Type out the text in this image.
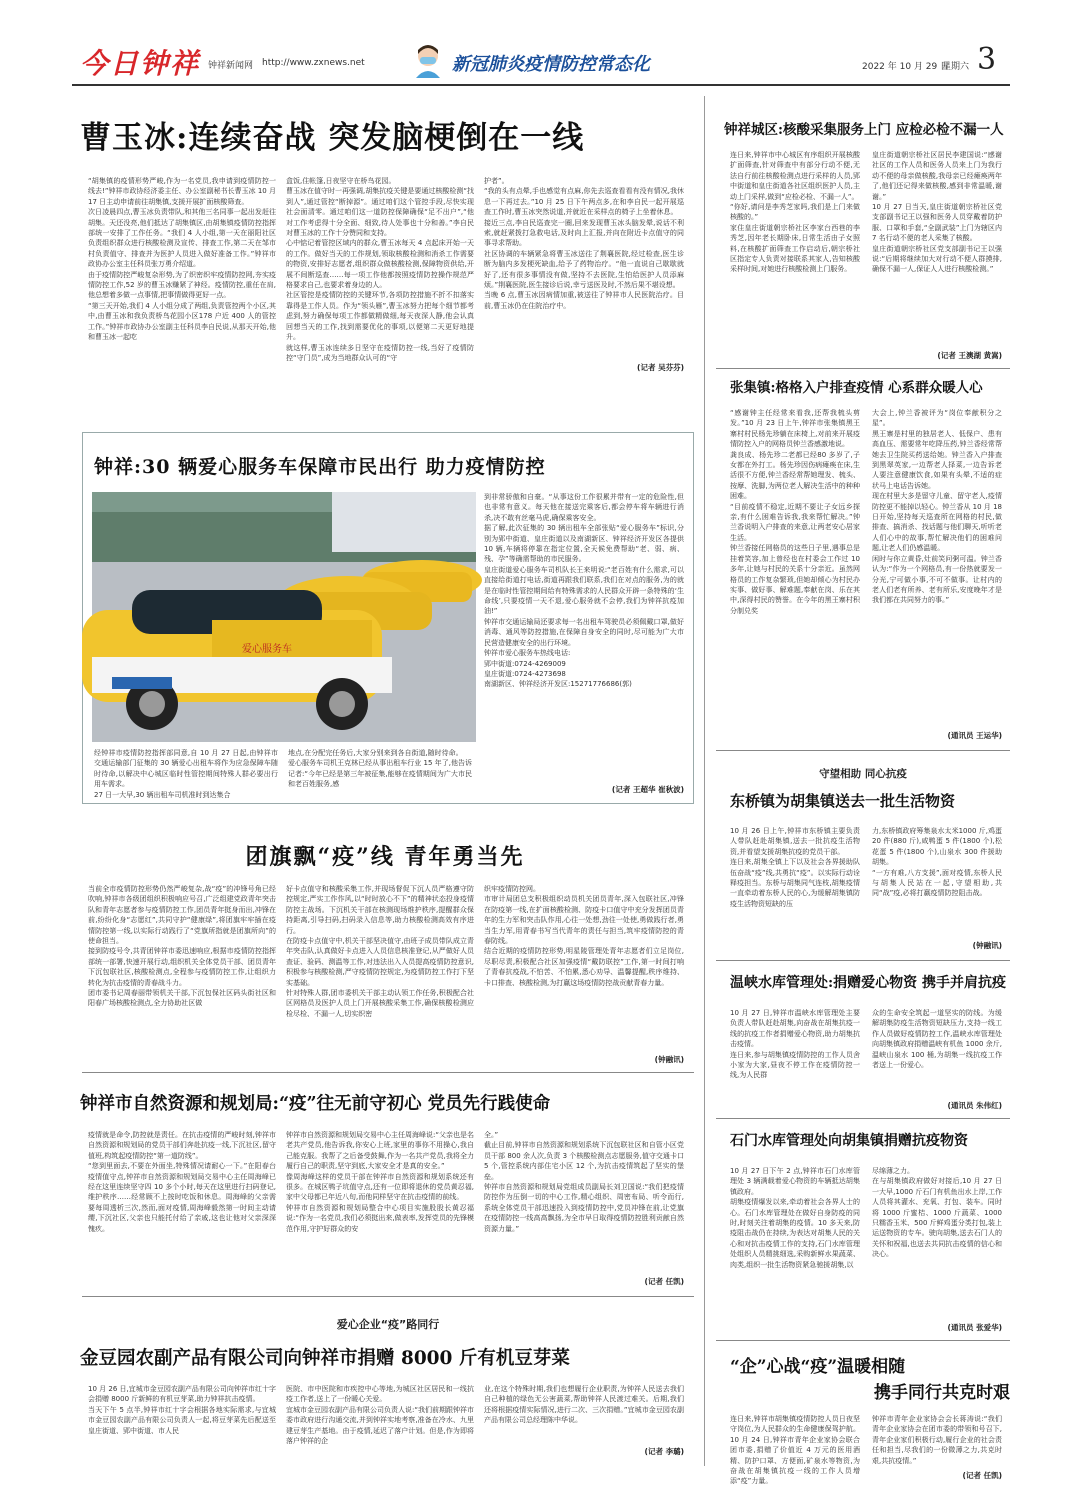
今日钟祥 钟祥新闻网 http://www.zxnews.net	新冠肺炎疫情防控常态化	2022 年 10 月 29 日
星期六 3
曹玉冰:连续奋战 突发脑梗倒在一线
“胡集镇的疫情形势严峻,作为一名党员,我申请到疫情防控一线去!”钟祥市政协经济委主任、办公室副秘书长曹玉冰 10 月 17 日主动申请前往胡集镇,支援开展扩面核酸筛查。
次日凌晨四点,曹玉冰负责带队,和其他三名同事一起出发赶往胡集。天还没亮,他们抵达了胡集镇区,由胡集镇疫情防控指挥部统一安排了工作任务。“我们 4 人小组,第一天在丽阳社区负责组织群众进行核酸检测及宣传、排查工作,第二天在邹市村负责值守、排查并为医护人员进入做好准备工作。”钟祥市政协办公室主任科员张万勇介绍道。
由于疫情防控严峻复杂形势,为了织密织牢疫情防控网,夯实疫情防控工作,52 岁的曹玉冰赚紧了神经。疫情防控,重任在肩,他总想着多做一点事情,把事情做得更好一点。
“第三天开始,我们 4 人小组分成了两组,负责管控两个小区,其中,由曹玉冰和我负责桥鸟花园小区178 户近 400 人的管控工作。”钟祥市政协办公室副主任科员李自民说,从那天开始,他和曹玉冰一起吃
盒饭,住帐篷,日夜坚守在桥鸟花园。
曹玉冰在值守时一再强调,胡集抗疫关键是要通过核酸检测“找到人”,通过管控“断掉源”。通过咱们这个管控手段,尽快实现社会面清零。通过咱们这一道防控保障确保“足不出户”,“他对工作考虑得十分全面、细致,待人处事也十分和善。”李自民对曹玉冰的工作十分赞同和支持。
心中惦记着管控区域内的群众,曹玉冰每天 4 点起床开始一天的工作。做好当天的工作规划,领取核酸检测和消杀工作需要的物资,安排好志愿者,组织群众做核酸检测,保障物资供给,开展不间断巡查……每一项工作他都按照疫情防控操作规范严格要求自己,也要求着身边的人。
社区管控是疫情防控的关键环节,各项防控措施不折不扣落实靠得是工作人员。作为“领头雁”,曹玉冰努力把每个细节都考虑到,努力确保每项工作都做精做细,每天夜深人静,他会认真回想当天的工作,找到需要优化的事项,以便第二天更好地提升。
就这样,曹玉冰连续多日坚守在疫情防控一线,当好了疫情防控“守门员”,成为当地群众认可的“守
护者”。
“我的头有点晕,手也感觉有点麻,你先去巡查看看有没有情况,我休息一下再过去。”10 月 25 日下午两点多,在和李自民一起开展巡查工作时,曹玉冰突然说道,并就近在采样点的椅子上坐着休息。
接近三点,李自民巡查完一圈,回来发现曹玉冰头脑发晕,说话不利索,就赶紧拨打急救电话,及时向上汇报,并向在附近卡点值守的同事寻求帮助。
社区协调的车辆紧急将曹玉冰送往了荆襄医院,经过检查,医生诊断为脑内多发梗死缺血,给予了药物治疗。“他一直说自己歇歇就好了,还有很多事情没有做,坚持不去医院,生怕给医护人员添麻烦。”荆襄医院,医生接诊后说,幸亏送医及时,不然后果不堪设想。
当晚 6 点,曹玉冰因病情加重,被送往了钟祥市人民医院治疗。目前,曹玉冰仍在住院治疗中。
(记者 吴芬芬)
钟祥:30 辆爱心服务车保障市民出行 助力疫情防控
爱心服务车
经钟祥市疫情防控指挥部同意,自 10 月 27 日起,由钟祥市交通运输部门征集的 30 辆爱心出租车将作为应急保障车随时待命,以解决中心城区临时性管控期间特殊人群必要出行用车需求。
27 日一大早,30 辆出租车司机准时到达集合
地点,在分配完任务后,大家分别来到各自街道,随时待命。
爱心服务车司机王克林已经从事出租车行业 15 年了,他告诉记者:“今年已经是第三年被征集,能够在疫情期间为广大市民和老百姓服务,感
到非常骄傲和自豪。“从事这份工作很累并带有一定的危险性,但也非常有意义。每天他在接送完乘客后,都会停车将车辆进行消杀,决不敢有丝毫马虎,确保乘客安全。
据了解,此次征集的 30 辆出租车全部张贴“爱心服务车”标识,分别为郢中街道、皇庄街道以及南湖新区、钟祥经济开发区各提供 10 辆,车辆将停靠在指定位置,全天候免费帮助“老、弱、病、残、孕”等确需帮助的市民服务。
皇庄街道爱心服务车司机队长王来明说:“老百姓有什么需求,可以直接给街道打电话,街道再跟我们联系,我们在对点的服务,为的就是在临时性管控期间给有特殊需求的人民群众开辟一条特殊的‘生命线’,只要疫情一天不退,爱心服务就不会停,我们为钟祥抗疫加油!”
钟祥市交通运输局还要求每一名出租车驾驶员必须佩戴口罩,做好消毒、通风等防控措施,在保障自身安全的同时,尽可能为广大市民营造健康安全的出行环境。
钟祥市爱心服务车热线电话:
郢中街道:0724-4269009
皇庄街道:0724-4273698
南湖新区、钟祥经济开发区:15271776686(郭)
(记者 王超华 崔秋波)
团旗飘“疫”线 青年勇当先
当前全市疫情防控形势仍然严峻复杂,战“疫”的冲锋号角已经吹响,钟祥市各级团组织积极响应号召,广泛组建党政青年突击队和青年志愿者参与疫情防控工作,团员青年挺身而出,冲锋在前,纷纷化身“志愿红”,共同守护“健康绿”,将团旗牢牢插在疫情防控第一线,以实际行动践行了“党旗所指就是团旗所向”的使命担当。
接到防疫号令,共青团钟祥市委迅速响应,根据市疫情防控指挥部统一部署,快速开展行动,组织机关全体党员干部、团员青年下沉包联社区,核酸检测点,全程参与疫情防控工作,让组织力转化为抗击疫情的青春战斗力。
团市委书记周春丽带领机关干部,下沉包保社区码头街社区和阳春广场核酸检测点,全力协助社区做
好卡点值守和核酸采集工作,并现场督促下沉人员严格遵守防控规定,严实工作作风,以“时时放心不下”的精神状态投身疫情防控主战场。下沉机关干部在核测现场维护秩序,提醒群众保持距离,引导扫码,扫码录入信息等,助力核酸检测高效有序进行。
在防疫卡点值守中,机关干部坚决值守,由班子成员带队成立青年突击队,认真做好卡点进入人员信息核准登记,从严做好人员查证、验码、测温等工作,对违法出入人员提高疫情防控意识,积极参与核酸检测,严守疫情防控规定,为疫情防控工作打下坚实基础。
针对特殊人群,团市委机关干部主动认领工作任务,积极配合社区网格员及医护人员上门开展核酸采集工作,确保核酸检测应检尽检、不漏一人,切实织密
织牢疫情防控网。
市审计局团总支积极组织动员机关团员青年,深入包联社区,冲锋在防疫第一线,在扩面核酸检测、防疫卡口值守中充分发挥团员青年的生力军和突击队作用,心往一处想,劲往一处使,勇做践行者,勇当生力军,用青春书写当代青年的责任与担当,筑牢疫情防控的青春防线。
结合近期的疫情防控形势,明星陵管理处青年志愿者们立足岗位,尽职尽责,积极配合社区加强疫情“戴防联控”工作,第一时间打响了青春抗疫战,不怕苦、不怕累,悉心劝导、温馨提醒,秩序维持、卡口排查、核酸检测,为打赢这场疫情防控战贡献青春力量。
(钟融讯)
钟祥市自然资源和规划局:“疫”往无前守初心 党员先行践使命
疫情就是命令,防控就是责任。在抗击疫情的严峻时刻,钟祥市自然资源和规划局的党员干部们奔赴抗疫一线,下沉社区,留守值班,构筑起疫情防控“第一道防线”。
“您到里面去,不要在外面坐,特殊情况请耐心一下。”在阳春台疫情值守点,钟祥市自然资源和规划局交易中心主任周海峰已经在这里连续坚守四 10 多个小时,每天在这里进行扫码登记,维护秩序……经常顾不上按时吃饭和休息。周海峰的父亲需要每周透析三次,然而,面对疫情,周海峰毅然第一时间主动请缨,下沉社区,父亲也只能托付给了亲戚,这也让他对父亲深深愧疚。
钟祥市自然资源和规划局交易中心主任周海峰说:“父亲也是名老共产党员,他告诉我,你安心上班,家里的事你不用操心,我自己能克服。我帮了之后备受鼓舞,作为一名共产党员,我将全力履行自己的职责,坚守到底,大家安全才是真的安全。”
像周海峰这样的党员干部在钟祥市自然资源和规划系统还有很多。在城区鸭子坑值守点,还有一位即将退休的党员黄忍福,家中父母都已年近八旬,而他同样坚守在抗击疫情的前线。
钟祥市自然资源和规划局整合中心项目实施股股长黄忍福说:“作为一名党员,我们必须挺出来,做表率,发挥党员的先锋模范作用,守护好群众的安
全。”
截止目前,钟祥市自然资源和规划系统下沉包联社区和自管小区党员干部 800 余人次,负责 3 个核酸检测点志愿服务,值守交通卡口 5 个,管控系统内部住宅小区 12 个,为抗击疫情筑起了坚实的堡垒。
钟祥市自然资源和规划局党组成员副局长刘卫国说:“我们把疫情防控作为压倒一切的中心工作,精心组织、周密布局、听令而行,系统全体党员干部迅速投入到疫情防控中,党员冲锋在前,让党旗在疫情防控一线高高飘扬,为全市早日取得疫情防控胜利贡献自然资源力量。”
(记者 任凯)
爱心企业“疫”路同行
金豆园农副产品有限公司向钟祥市捐赠 8000 斤有机豆芽菜
10 月 26 日,宜城市金豆园农副产品有限公司向钟祥市红十字会捐赠 8000 斤新鲜的有机豆芽菜,助力钟祥抗击疫情。
当天下午 5 点半,钟祥市红十字会根据各地实际需求,与宜城市金豆园农副产品有限公司负责人一起,将豆芽菜先后配送至皇庄街道、郢中街道、市人民
医院、市中医院和市疾控中心等地,为城区社区居民和一线抗疫工作者,送上了一份暖心关爱。
宜城市金豆园农副产品有限公司负责人说:“我们前期跟钟祥市委市政府进行沟通交流,并到钟祥实地考察,准备在冷水、九里建豆芽生产基地。由于疫情,延迟了落户计划。但是,作为即将落户钟祥的企
业,在这个特殊时期,我们也想履行企业职责,为钟祥人民送去我们自己种植的绿色无公害蔬菜,帮助钟祥人民渡过难关。后期,我们还将根据疫情实际情况,进行二次、三次捐赠。”宜城市金豆园农副产品有限公司总经理陈中华说。
(记者 李璐)
钟祥城区:核酸采集服务上门 应检必检不漏一人
连日来,钟祥市中心城区有序组织开展核酸扩面筛查,针对筛查中有部分行动不便,无法自行前往核酸检测点进行采样的人员,郢中街道和皇庄街道各社区组织医护人员,主动上门采样,做到“应检必检、不漏一人”。
“你好,请问是李秀芝家吗,我们是上门来做核酸的。”
家住皇庄街道朝宗桥社区李家台西巷的李秀芝,因年老长期卧床,日常生活由子女照料,在核酸扩面筛查工作启动后,朝宗桥社区指定专人负责对接联系其家人,告知核酸采样时间,对她进行核酸检测上门服务。
皇庄街道朝宗桥社区居民李建国说:“感谢社区的工作人员和医务人员来上门为我行动不便的母亲做核酸,我母亲已经瘫痪两年了,他们还记得来做核酸,感到非常温暖,谢谢。”
10 月 27 日当天,皇庄街道朝宗桥社区党支部副书记王以强和医务人员穿戴着防护服、口罩和手套,“全副武装”上门为辖区内 7 名行动不便的老人采集了核酸。
皇庄街道朝宗桥社区党支部副书记王以强说:“后期将继续加大对行动不便人群摸排,确保不漏一人,保证人人进行核酸检测。”
(记者 王澳湖 黄嵩)
张集镇:格格入户排查疫情 心系群众暖人心
“感谢钟主任经常来看我,还帮我梳头剪发。”10 月 23 日上午,钟祥市张集镇黑王寨村村民杨先珍躺在床椅上,对前来开展疫情防控入户的网格员钟兰香感激地说。
龚良成、杨先珍二老都已经80 多岁了,子女都在外打工。杨先珍因伤病瘫痪在床,生活很不方便,钟兰香经常帮她理发、梳头、按摩、洗脚,为两位老人解决生活中的种种困难。
“目前疫情不稳定,近期不要让子女远乡探亲,有什么困难告诉我,我来帮忙解决。”钟兰香说明入户排查的来意,让两老安心居家生活。
钟兰香接任网格员的这些日子里,遇事总是挂着笑容,加上曾经也在村委会工作过 10 多年,让她与村民的关系十分亲近。虽然网格员的工作复杂繁琐,但她却倾心为村民办实事、做好事、解难题,奉献在岗、乐在其中,深得村民的赞誉。在今年的黑王寨村积分制兑奖
大会上,钟兰香被评为“岗位奉献积分之星”。
黑王寨是村里的独居老人、低保户、患有高血压、需要常年吃降压药,钟兰香经常帮她去卫生院买药送给她。钟兰香入户排查到黑翠英家,一边帮老人择菜,一边告诉老人要注意健康饮食,如果有头晕,不适的症状马上电话告诉她。
现在村里大多是留守儿童、留守老人,疫情防控更不能掉以轻心。钟兰香从 10 月 18 日开始,坚持每天巡查所在网格的村民,做排查、搞消杀、找话题与他们聊天,听听老人们心中的故事,帮忙解决他们的困难问题,让老人们仍感温暖。
闲时与你立黄昏,灶前笑问粥可温。钟兰香认为:“作为一个网格员,有一份热就要发一分光,宁可做小事,不可不做事。让村内的老人们老有所养、老有所乐,安度晚年才是我们都在共同努力的事。”
(通讯员 王运华)
守望相助 同心抗疫
东桥镇为胡集镇送去一批生活物资
10 月 26 日上午,钟祥市东桥镇主要负责人带队赶赴胡集镇,送去一批抗疫生活物资,并看望支援胡集抗疫的党员干部。
连日来,胡集全镇上下以及社会各界援助队伍奋战“疫”线,共勇抗“疫”。以实际行动诠释疫担当。东桥与胡集同气连枝,胡集疫情一直牵动着东桥人民的心,为缓解胡集镇防疫生活物资短缺的压
力,东桥镇政府筹集泉水太米1000 斤,鸡蛋 20 件(880 斤),咸鸭蛋 5 件(1800 个),松花蛋 5 件(1800 个),山泉水 300 件援助胡集。
“一方有难,八方支援”,面对疫情,东桥人民与胡集人民站在一起,守望相助,共同“战”疫,必将打赢疫情防控阻击战。
(钟融讯)
温峡水库管理处:捐赠爱心物资 携手并肩抗疫
10 月 27 日,钟祥市温峡水库管理处主要负责人带队赶赴胡集,向奋战在胡集抗疫一线的抗疫工作者捐赠爱心物资,助力胡集抗击疫情。
连日来,参与胡集镇疫情防控的工作人员舍小家为大家,昼夜不停工作在疫情防控一线,为人民群
众的生命安全筑起一道坚实的防线。为缓解胡集防疫生活物资短缺压力,支持一线工作人员做好疫情防控工作,温峡水库管理处向胡集镇政府捐赠温峡有机鱼 1000 余斤,温峡山泉水 100 桶,为胡集一线抗疫工作者送上一份爱心。
(通讯员 朱伟红)
石门水库管理处向胡集镇捐赠抗疫物资
10 月 27 日下午 2 点,钟祥市石门水库管理处 3 辆满载着爱心物资的车辆抵达胡集镇政府。
胡集疫情爆发以来,牵动着社会各界人士的心。石门水库管理处在做好自身防疫的同时,时刻关注着胡集的疫情。10 多天来,防疫阻击战仍在持续,为表达对胡集人民的关心和对抗击疫情工作的支持,石门水库管理处组织人员精挑细选,采购新鲜水果蔬菜、肉类,组织一批生活物资紧急驰援胡集,以
尽绵薄之力。
在与胡集镇政府做好对接后,10 月 27 日一大早,1000 斤石门有机鱼出水上岸,工作人员将其灌水、充氧、打包、装车。同时将 1000 斤蜜桔、1000 斤蔬菜、1000 只糯香玉米、500 斤鲜鸡蛋分类打包,装上运送物资的专车。驶向胡集,送去石门人的关怀和祝福,也送去共同抗击疫情的信心和决心。
(通讯员 张爱华)
“企”心战“疫”温暖相随
携手同行共克时艰
连日来,钟祥市胡集镇疫情防控人员日夜坚守岗位,为人民群众的生命健康保驾护航。10 月 24 日,钟祥市青年企业家协会联合团市委,捐赠了价值近 4 万元的医用酒精、防护口罩、方便面,矿泉水等物资,为奋战在胡集镇抗疫一线的工作人员增添“疫”力量。
钟祥市青年企业家协会会长蒋涛说:“我们青年企业家协会在团市委的带领和号召下,青年企业家们积极行动,履行企业的社会责任和担当,尽我们的一份微薄之力,共克时艰,共抗疫情。”
(记者 任凯)
